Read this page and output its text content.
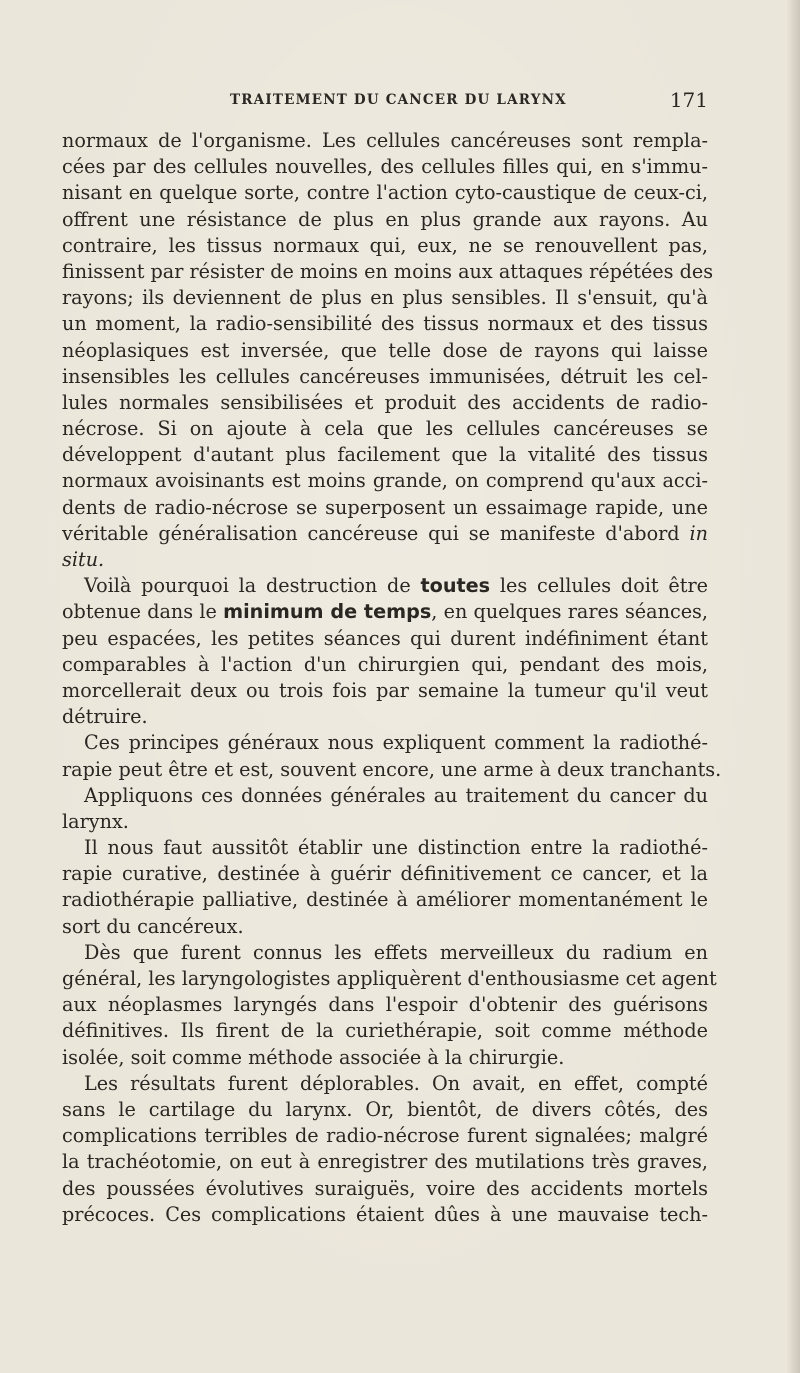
TRAITEMENT DU CANCER DU LARYNX	171
normaux de l'organisme. Les cellules cancéreuses sont rempla-
cées par des cellules nouvelles, des cellules filles qui, en s'immu-
nisant en quelque sorte, contre l'action cyto-caustique de ceux-ci,
offrent une résistance de plus en plus grande aux rayons. Au
contraire, les tissus normaux qui, eux, ne se renouvellent pas,
finissent par résister de moins en moins aux attaques répétées des
rayons; ils deviennent de plus en plus sensibles. Il s'ensuit, qu'à
un moment, la radio-sensibilité des tissus normaux et des tissus
néoplasiques est inversée, que telle dose de rayons qui laisse
insensibles les cellules cancéreuses immunisées, détruit les cel-
lules normales sensibilisées et produit des accidents de radio-
nécrose. Si on ajoute à cela que les cellules cancéreuses se
développent d'autant plus facilement que la vitalité des tissus
normaux avoisinants est moins grande, on comprend qu'aux acci-
dents de radio-nécrose se superposent un essaimage rapide, une
véritable généralisation cancéreuse qui se manifeste d'abord in
situ.
Voilà pourquoi la destruction de toutes les cellules doit être
obtenue dans le minimum de temps, en quelques rares séances,
peu espacées, les petites séances qui durent indéfiniment étant
comparables à l'action d'un chirurgien qui, pendant des mois,
morcellerait deux ou trois fois par semaine la tumeur qu'il veut
détruire.
Ces principes généraux nous expliquent comment la radiothé-
rapie peut être et est, souvent encore, une arme à deux tranchants.
Appliquons ces données générales au traitement du cancer du
larynx.
Il nous faut aussitôt établir une distinction entre la radiothé-
rapie curative, destinée à guérir définitivement ce cancer, et la
radiothérapie palliative, destinée à améliorer momentanément le
sort du cancéreux.
Dès que furent connus les effets merveilleux du radium en
général, les laryngologistes appliquèrent d'enthousiasme cet agent
aux néoplasmes laryngés dans l'espoir d'obtenir des guérisons
définitives. Ils firent de la curiethérapie, soit comme méthode
isolée, soit comme méthode associée à la chirurgie.
Les résultats furent déplorables. On avait, en effet, compté
sans le cartilage du larynx. Or, bientôt, de divers côtés, des
complications terribles de radio-nécrose furent signalées; malgré
la trachéotomie, on eut à enregistrer des mutilations très graves,
des poussées évolutives suraiguës, voire des accidents mortels
précoces. Ces complications étaient dûes à une mauvaise tech-
